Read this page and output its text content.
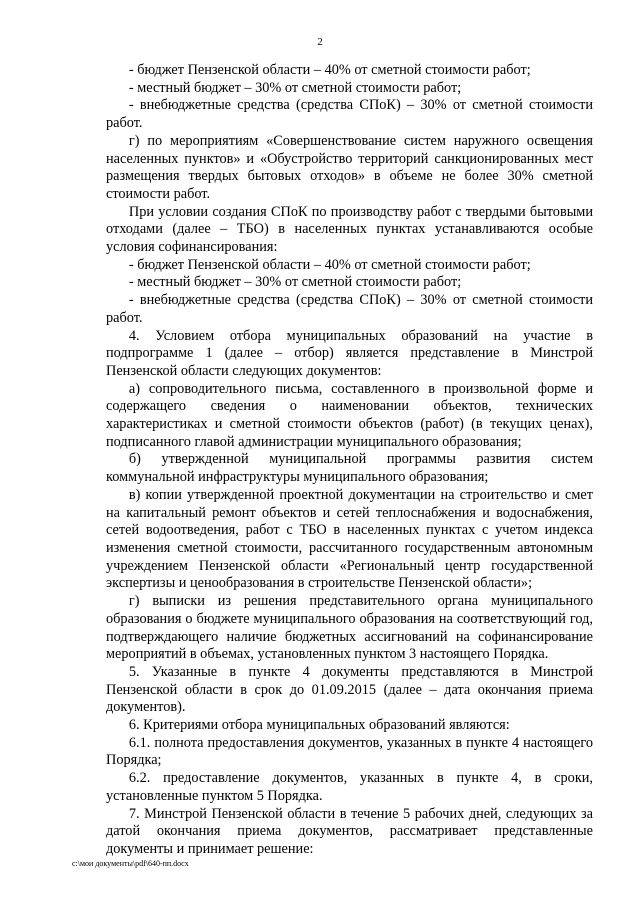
2

- бюджет Пензенской области – 40% от сметной стоимости работ;

- местный бюджет – 30% от сметной стоимости работ;

- внебюджетные средства (средства СПоК) – 30% от сметной стоимости работ.

г) по мероприятиям «Совершенствование систем наружного освещения населенных пунктов» и «Обустройство территорий санкционированных мест размещения твердых бытовых отходов» в объеме не более 30% сметной стоимости работ.

При условии создания СПоК по производству работ с твердыми бытовыми отходами (далее – ТБО) в населенных пунктах устанавливаются особые условия софинансирования:

- бюджет Пензенской области – 40% от сметной стоимости работ;

- местный бюджет – 30% от сметной стоимости работ;

- внебюджетные средства (средства СПоК) – 30% от сметной стоимости работ.

4. Условием отбора муниципальных образований на участие в подпрограмме 1 (далее – отбор) является представление в Минстрой Пензенской области следующих документов:

а) сопроводительного письма, составленного в произвольной форме и содержащего сведения о наименовании объектов, технических характеристиках и сметной стоимости объектов (работ) (в текущих ценах), подписанного главой администрации муниципального образования;

б) утвержденной муниципальной программы развития систем коммунальной инфраструктуры муниципального образования;

в) копии утвержденной проектной документации на строительство и смет на капитальный ремонт объектов и сетей теплоснабжения и водоснабжения, сетей водоотведения, работ с ТБО в населенных пунктах с учетом индекса изменения сметной стоимости, рассчитанного государственным автономным учреждением Пензенской области «Региональный центр государственной экспертизы и ценообразования в строительстве Пензенской области»;

г) выписки из решения представительного органа муниципального образования о бюджете муниципального образования на соответствующий год, подтверждающего наличие бюджетных ассигнований на софинансирование мероприятий в объемах, установленных пунктом 3 настоящего Порядка.

5. Указанные в пункте 4 документы представляются в Минстрой Пензенской области в срок до 01.09.2015 (далее – дата окончания приема документов).

6. Критериями отбора муниципальных образований являются:

6.1. полнота предоставления документов, указанных в пункте 4 настоящего Порядка;

6.2. предоставление документов, указанных в пункте 4, в сроки, установленные пунктом 5 Порядка.

7. Минстрой Пензенской области в течение 5 рабочих дней, следующих за датой окончания приема документов, рассматривает представленные документы и принимает решение:

c:\мои документы\pdf\640-пп.docx
